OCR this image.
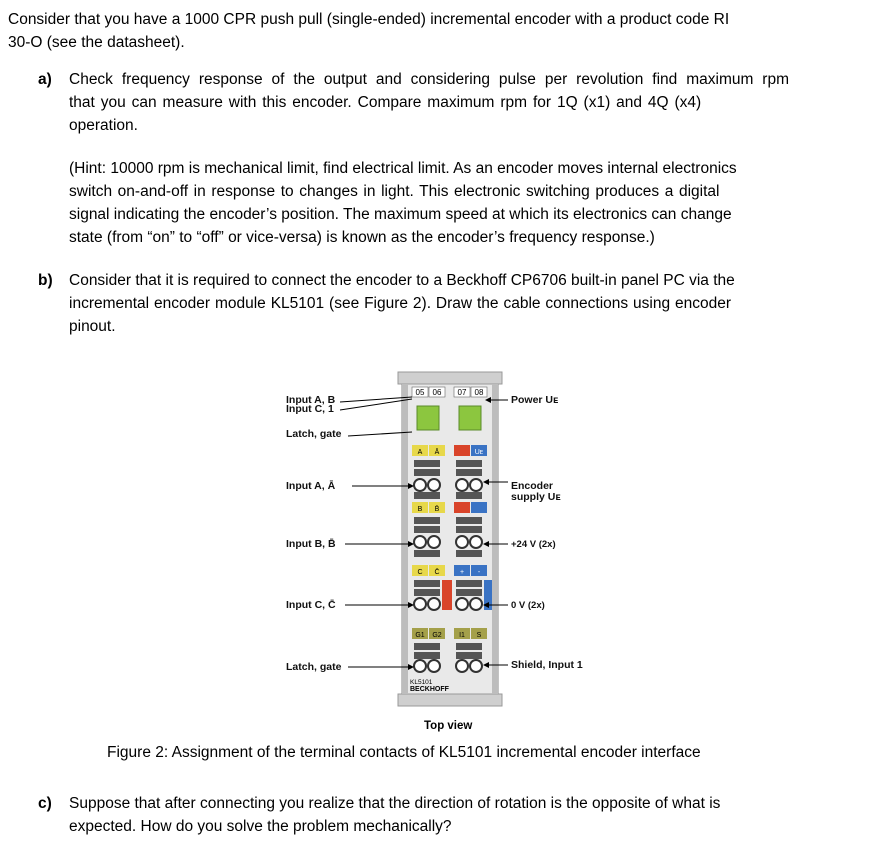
Consider that you have a 1000 CPR push pull (single-ended) incremental encoder with a product code RI
30-O (see the datasheet).
Check frequency response of the output and considering pulse per revolution find maximum rpm
that you can measure with this encoder. Compare maximum rpm for 1Q (x1) and 4Q (x4)
operation.
(Hint: 10000 rpm is mechanical limit, find electrical limit. As an encoder moves internal electronics
switch on-and-off in response to changes in light. This electronic switching produces a digital
signal indicating the encoder’s position. The maximum speed at which its electronics can change
state (from “on” to “off” or vice-versa) is known as the encoder’s frequency response.)
b) Consider that it is required to connect the encoder to a Beckhoff CP6706 built-in panel PC via the
incremental encoder module KL5101 (see Figure 2). Draw the cable connections using encoder
pinout.
a)
05 06 07 08
A Ā	Uᴇ
B B̄
C C̄	+ -
G1 G2 I1 S
KL5101
BECKHOFF
Input A, B
Input C, 1
Latch, gate
Input A, Ā
Input B, B̄
Input C, C̄
Latch, gate
Power Uᴇ
Encoder
supply Uᴇ
+24 V (2x)
0 V (2x)
Shield, Input 1
Top view
Figure 2: Assignment of the terminal contacts of KL5101 incremental encoder interface
c) Suppose that after connecting you realize that the direction of rotation is the opposite of what is
expected. How do you solve the problem mechanically?
